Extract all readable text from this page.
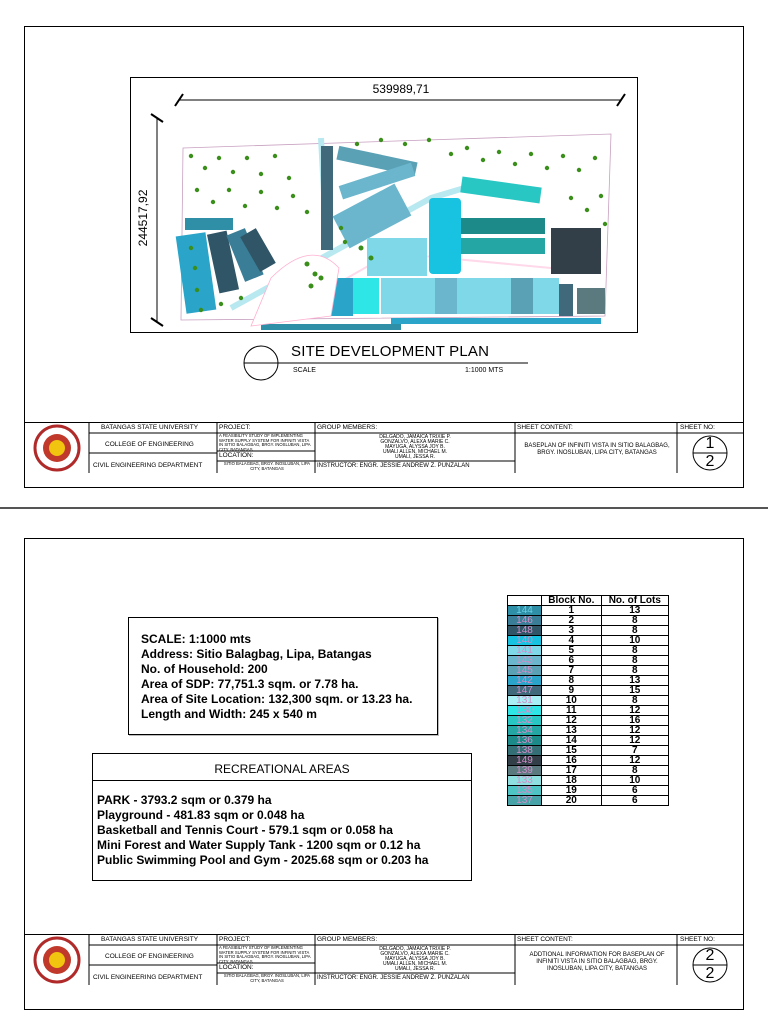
539989,71
24451​7,92
SITE DEVELOPMENT PLAN
SCALE	1:1000 MTS
BATANGAS STATE UNIVERSITY
COLLEGE OF ENGINEERING
CIVIL ENGINEERING DEPARTMENT
PROJECT:
A FEASIBILITY STUDY OF IMPLEMENTING WATER SUPPLY SYSTEM FOR INFINITI VISTA IN SITIO BALAGBAG, BRGY. INOSLUBAN, LIPA CITY, BATANGAS
LOCATION:
SITIO BALAGBAG, BRGY. INOSLUBAN, LIPA CITY, BATANGAS
GROUP MEMBERS:
DELGADO, JAMAICA TRIXIE P.
GONZALVO, ALEXA MARIE C.
MAYUGA, ALYSSA JOY B.
UMALI ALLEN, MICHAEL M.
UMALI, JESSA R.
INSTRUCTOR: ENGR. JESSIE ANDREW Z. PUNZALAN
SHEET CONTENT:
BASEPLAN OF INFINITI VISTA IN SITIO BALAGBAG, BRGY. INOSLUBAN, LIPA CITY, BATANGAS
SHEET NO:
1
2
SCALE: 1:1000 mts
Address: Sitio Balagbag, Lipa, Batangas
No. of Household: 200
Area of SDP: 77,751.3 sqm. or 7.78 ha.
Area of Site Location: 132,300 sqm. or 13.23 ha.
Length and Width: 245 x 540 m
RECREATIONAL AREAS
PARK - 3793.2 sqm or 0.379 ha
Playground - 481.83 sqm or 0.048 ha
Basketball and Tennis Court - 579.1 sqm or 0.058 ha
Mini Forest and Water Supply Tank - 1200 sqm or 0.12 ha
Public Swimming Pool and Gym - 2025.68 sqm or 0.203 ha
	Block No.	No. of Lots
144	1	13
146	2	8
148	3	8
140	4	10
141	5	8
143	6	8
145	7	8
142	8	13
147	9	15
131	10	8
130	11	12
132	12	16
134	13	12
136	14	12
138	15	7
149	16	12
139	17	8
133	18	10
135	19	6
137	20	6
BATANGAS STATE UNIVERSITY
COLLEGE OF ENGINEERING
CIVIL ENGINEERING DEPARTMENT
PROJECT:
A FEASIBILITY STUDY OF IMPLEMENTING WATER SUPPLY SYSTEM FOR INFINITI VISTA IN SITIO BALAGBAG, BRGY. INOSLUBAN, LIPA CITY, BATANGAS
LOCATION:
SITIO BALAGBAG, BRGY. INOSLUBAN, LIPA CITY, BATANGAS
GROUP MEMBERS:
DELGADO, JAMAICA TRIXIE P.
GONZALVO, ALEXA MARIE C.
MAYUGA, ALYSSA JOY B.
UMALI ALLEN, MICHAEL M.
UMALI, JESSA R.
INSTRUCTOR: ENGR. JESSIE ANDREW Z. PUNZALAN
SHEET CONTENT:
ADDTIONAL INFORMATION FOR BASEPLAN OF INFINITI VISTA IN SITIO BALAGBAG, BRGY. INOSLUBAN, LIPA CITY, BATANGAS
SHEET NO:
2
2
